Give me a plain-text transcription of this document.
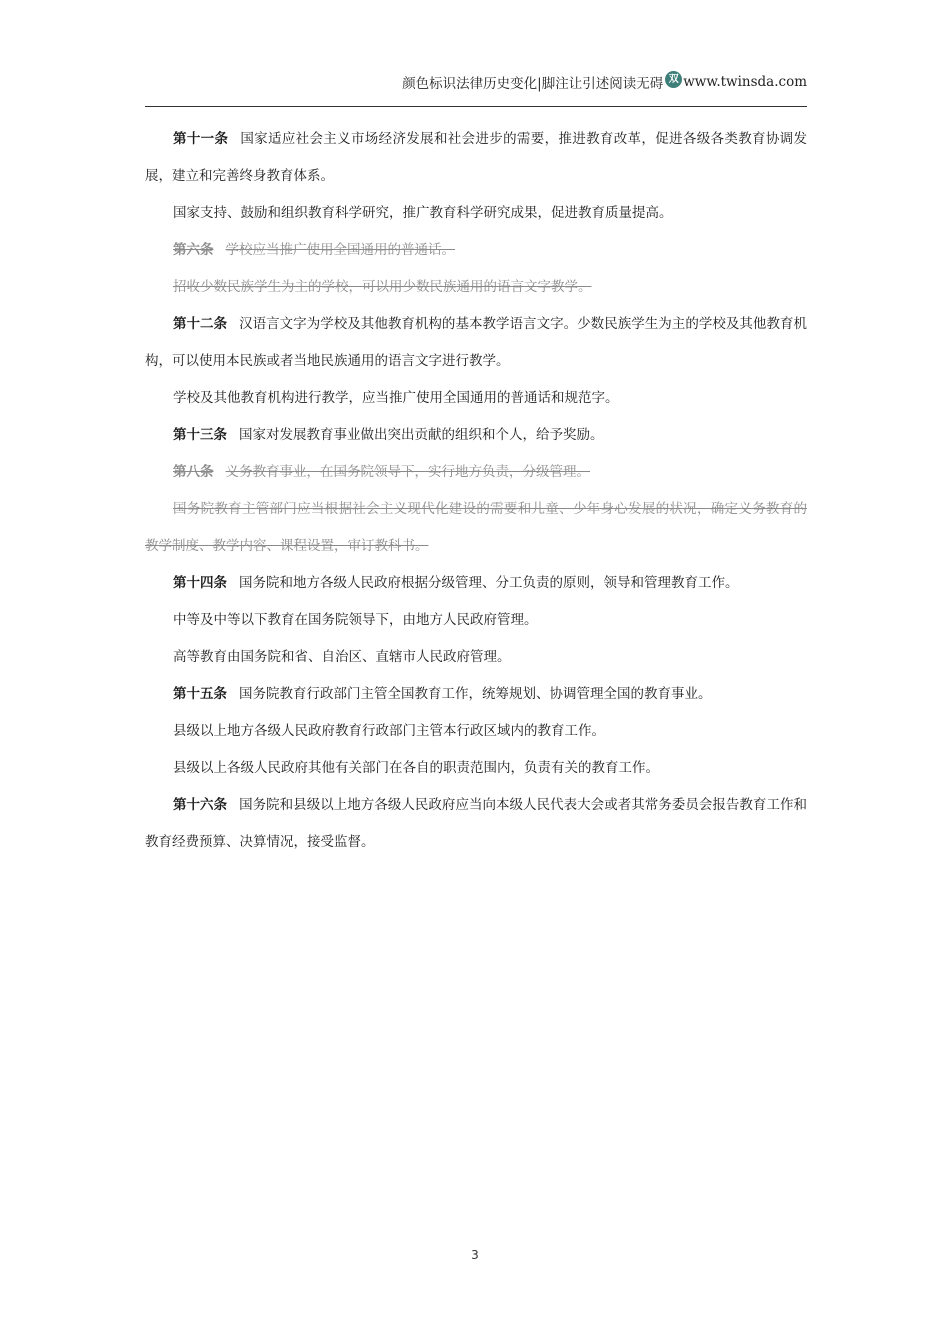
颜色标识法律历史变化|脚注让引述阅读无碍 双 www.twinsda.com

第十一条 国家适应社会主义市场经济发展和社会进步的需要，推进教育改革，促进各级各类教育协调发展，建立和完善终身教育体系。

国家支持、鼓励和组织教育科学研究，推广教育科学研究成果，促进教育质量提高。

第六条 学校应当推广使用全国通用的普通话。

招收少数民族学生为主的学校，可以用少数民族通用的语言文字教学。

第十二条 汉语言文字为学校及其他教育机构的基本教学语言文字。少数民族学生为主的学校及其他教育机构，可以使用本民族或者当地民族通用的语言文字进行教学。

学校及其他教育机构进行教学，应当推广使用全国通用的普通话和规范字。

第十三条 国家对发展教育事业做出突出贡献的组织和个人，给予奖励。

第八条 义务教育事业，在国务院领导下，实行地方负责，分级管理。

国务院教育主管部门应当根据社会主义现代化建设的需要和儿童、少年身心发展的状况，确定义务教育的教学制度、教学内容、课程设置，审订教科书。

第十四条 国务院和地方各级人民政府根据分级管理、分工负责的原则，领导和管理教育工作。

中等及中等以下教育在国务院领导下，由地方人民政府管理。

高等教育由国务院和省、自治区、直辖市人民政府管理。

第十五条 国务院教育行政部门主管全国教育工作，统筹规划、协调管理全国的教育事业。

县级以上地方各级人民政府教育行政部门主管本行政区域内的教育工作。

县级以上各级人民政府其他有关部门在各自的职责范围内，负责有关的教育工作。

第十六条 国务院和县级以上地方各级人民政府应当向本级人民代表大会或者其常务委员会报告教育工作和教育经费预算、决算情况，接受监督。

3
